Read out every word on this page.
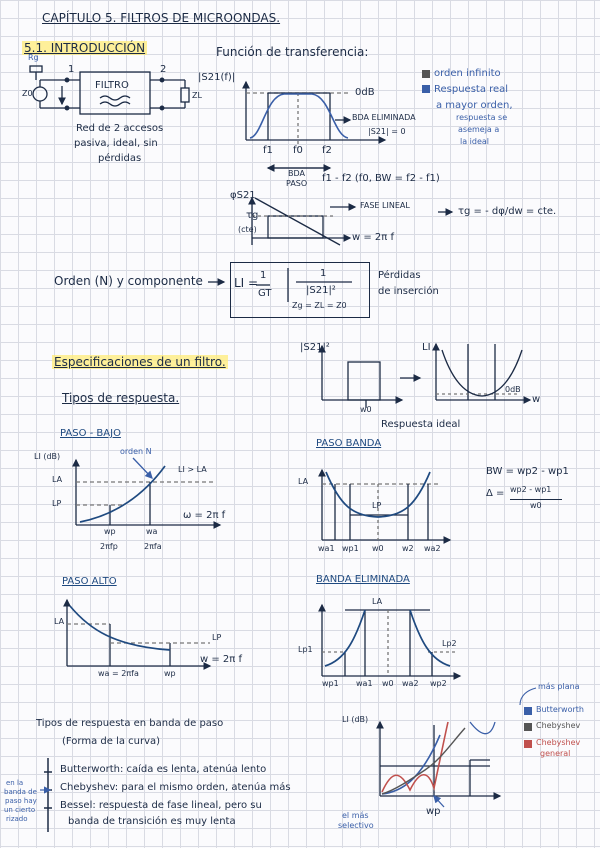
CAPÍTULO 5. FILTROS DE MICROONDAS.
5.1. INTRODUCCIÓN
1	2
FILTRO
Rg
Z0	ZL
Red de 2 accesos
pasiva, ideal, sin
pérdidas
Función de transferencia:
|S21(f)|
0dB
BDA ELIMINADA
|S21| = 0
f1 f0 f2
BDA
PASO f1 - f2 (f0, BW = f2 - f1)
orden infinito
Respuesta real
a mayor orden,
respuesta se
asemeja a
la ideal
φS21
τg
(cte)
FASE LINEAL
w = 2π f
τg = - dφ/dw = cte.
Orden (N) y componente	LI =
1
GT
1
|S21|²
Zg = ZL = Z0
Pérdidas
de inserción
Especificaciones de un filtro.
|S21|²	LI
w0
0dB
w
Respuesta ideal
Tipos de respuesta.
PASO - BAJO
LI (dB)
orden N
LA
LP
LI > LA
wp	wa
2πfp	2πfa
ω = 2π f
PASO BANDA
LA
LP
wa1 wp1 w0 w2 wa2
BW = wp2 - wp1
Δ = wp2 - wp1
w0
PASO ALTO
LA
LP
wa = 2πfa	wp
w = 2π f
BANDA ELIMINADA
LA
Lp1
Lp2
wp1 wa1 w0 wa2 wp2
Tipos de respuesta en banda de paso
(Forma de la curva)
Butterworth: caída es lenta, atenúa lento
Chebyshev: para el mismo orden, atenúa más
Bessel: respuesta de fase lineal, pero su
banda de transición es muy lenta
en la
banda de
paso hay
un cierto
rizado
LI (dB)
wp
el más
selectivo
más plana
Butterworth
Chebyshev
Chebyshev
general
